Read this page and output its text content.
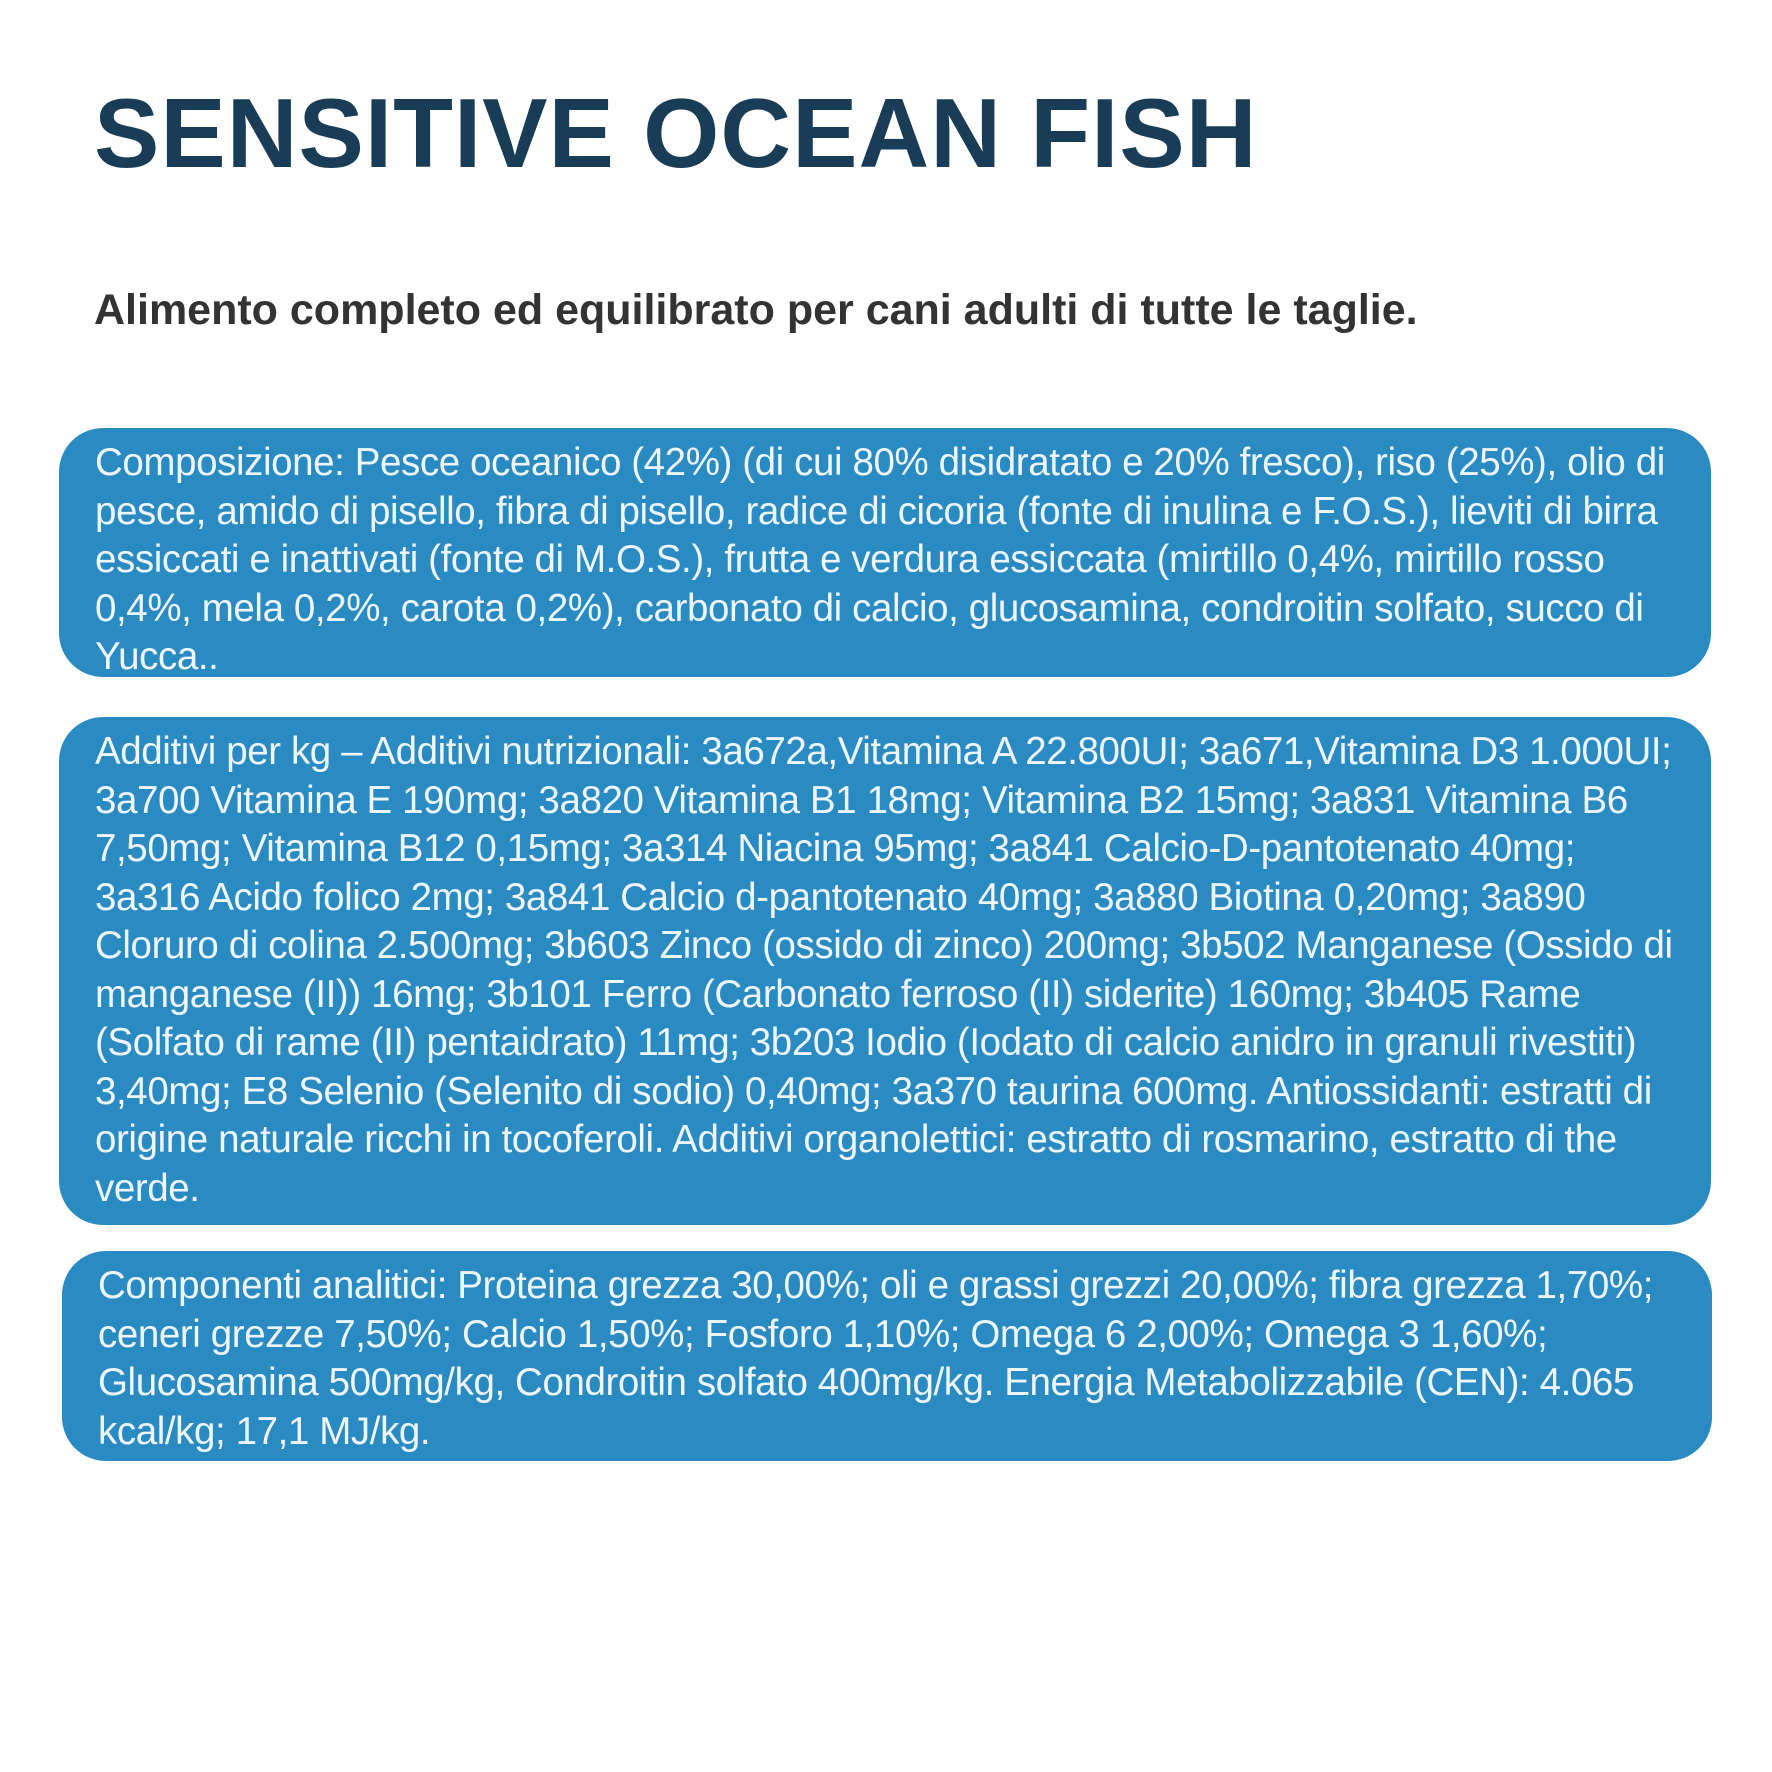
SENSITIVE OCEAN FISH
Alimento completo ed equilibrato per cani adulti di tutte le taglie.

Composizione: Pesce oceanico (42%) (di cui 80% disidratato e 20% fresco), riso (25%), olio di pesce, amido di pisello, fibra di pisello, radice di cicoria (fonte di inulina e F.O.S.), lieviti di birra essiccati e inattivati (fonte di M.O.S.), frutta e verdura essiccata (mirtillo 0,4%, mirtillo rosso 0,4%, mela 0,2%, carota 0,2%), carbonato di calcio, glucosamina, condroitin solfato, succo di Yucca..

Additivi per kg – Additivi nutrizionali: 3a672a,Vitamina A 22.800UI; 3a671,Vitamina D3 1.000UI; 3a700 Vitamina E 190mg; 3a820 Vitamina B1 18mg; Vitamina B2 15mg; 3a831 Vitamina B6 7,50mg; Vitamina B12 0,15mg; 3a314 Niacina 95mg; 3a841 Calcio-D-pantotenato 40mg; 3a316 Acido folico 2mg; 3a841 Calcio d-pantotenato 40mg; 3a880 Biotina 0,20mg; 3a890 Cloruro di colina 2.500mg; 3b603 Zinco (ossido di zinco) 200mg; 3b502 Manganese (Ossido di manganese (II)) 16mg; 3b101 Ferro (Carbonato ferroso (II) siderite) 160mg; 3b405 Rame (Solfato di rame (II) pentaidrato) 11mg; 3b203 Iodio (Iodato di calcio anidro in granuli rivestiti) 3,40mg; E8 Selenio (Selenito di sodio) 0,40mg; 3a370 taurina 600mg. Antiossidanti: estratti di origine naturale ricchi in tocoferoli. Additivi organolettici: estratto di rosmarino, estratto di the verde.

Componenti analitici: Proteina grezza 30,00%; oli e grassi grezzi 20,00%; fibra grezza 1,70%; ceneri grezze 7,50%; Calcio 1,50%; Fosforo 1,10%; Omega 6 2,00%; Omega 3 1,60%; Glucosamina 500mg/kg, Condroitin solfato 400mg/kg. Energia Metabolizzabile (CEN): 4.065 kcal/kg; 17,1 MJ/kg.
